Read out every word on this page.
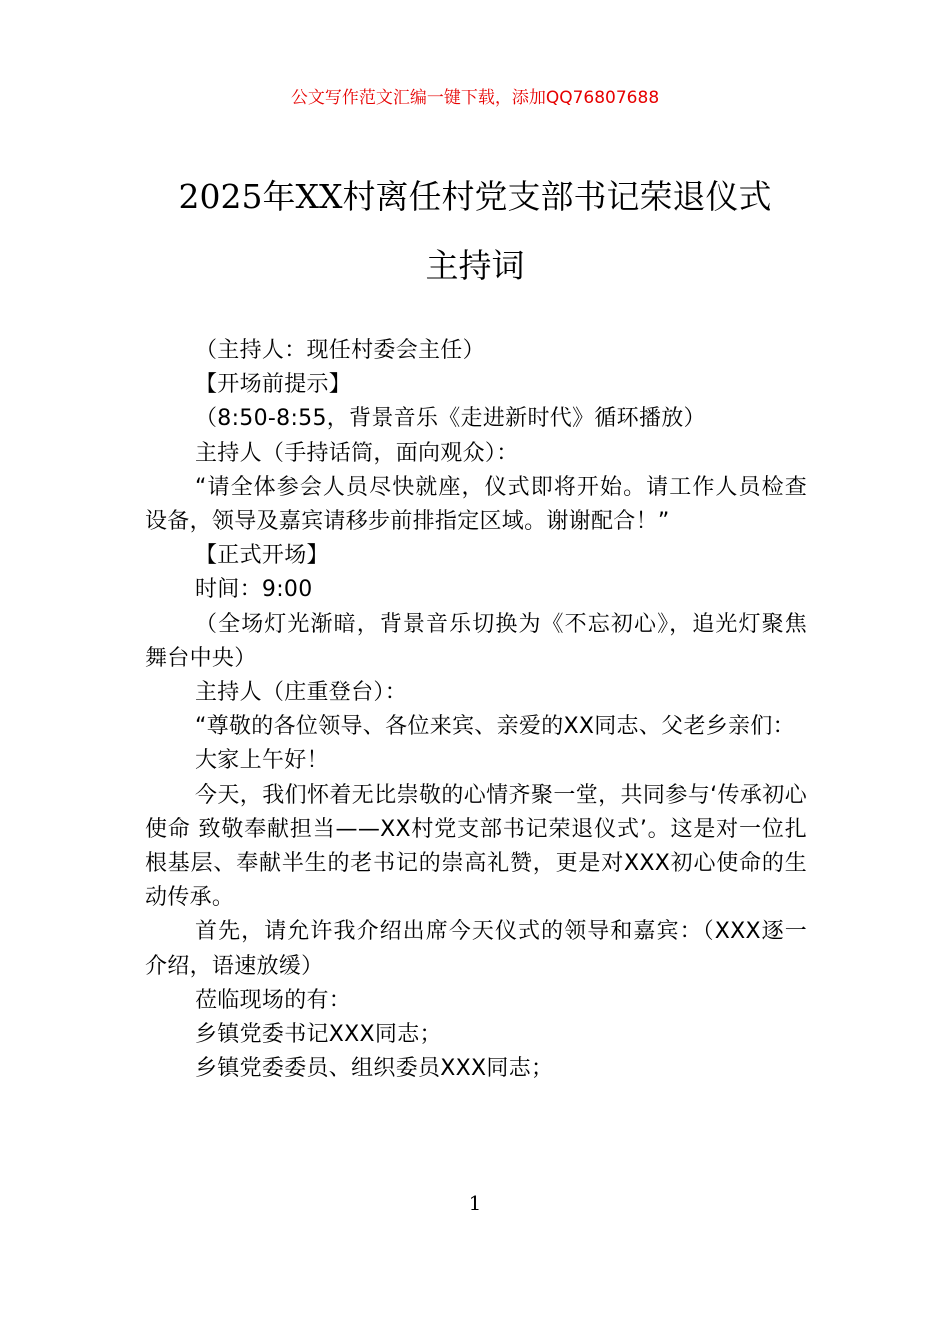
公文写作范文汇编一键下载，添加QQ76807688
2025年XX村离任村党支部书记荣退仪式
主持词

（主持人：现任村委会主任）

【开场前提示】

（8:50-8:55，背景音乐《走进新时代》循环播放）

主持人（手持话筒，面向观众）：

“请全体参会人员尽快就座，仪式即将开始。请工作人员检查设备，领导及嘉宾请移步前排指定区域。谢谢配合！”

【正式开场】

时间：9:00

（全场灯光渐暗，背景音乐切换为《不忘初心》，追光灯聚焦舞台中央）

主持人（庄重登台）：

“尊敬的各位领导、各位来宾、亲爱的XX同志、父老乡亲们：

大家上午好！

今天，我们怀着无比崇敬的心情齐聚一堂，共同参与‘传承初心使命 致敬奉献担当——XX村党支部书记荣退仪式’。这是对一位扎根基层、奉献半生的老书记的崇高礼赞，更是对XXX初心使命的生动传承。

首先，请允许我介绍出席今天仪式的领导和嘉宾：（XXX逐一介绍，语速放缓）

莅临现场的有：

乡镇党委书记XXX同志；

乡镇党委委员、组织委员XXX同志；

1
